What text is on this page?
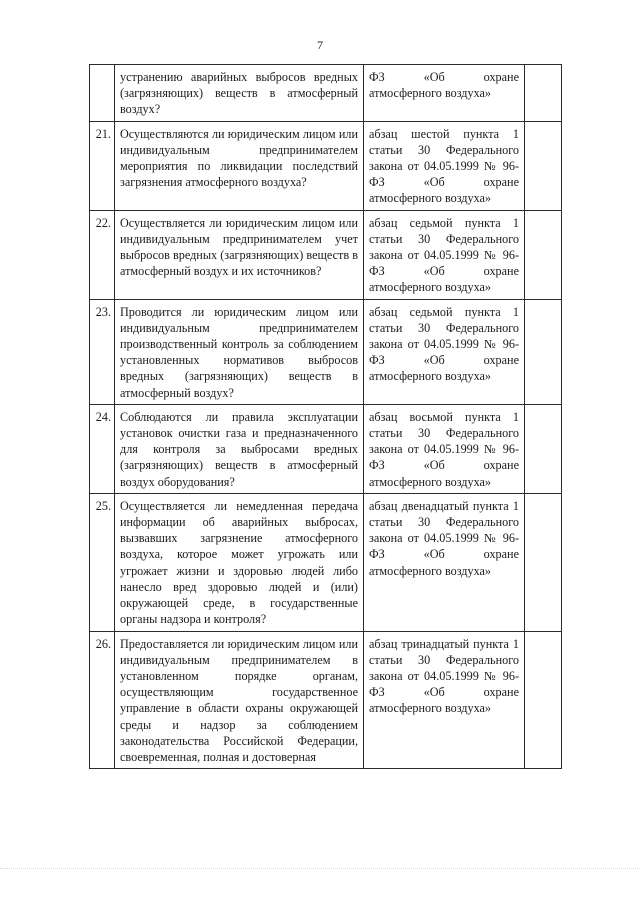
7
	устранению аварийных выбросов вредных (загрязняющих) веществ в атмосферный воздух?	ФЗ «Об охране атмосферного воздуха»	
21.	Осуществляются ли юридическим лицом или индивидуальным предпринимателем мероприятия по ликвидации последствий загрязнения атмосферного воздуха?	абзац шестой пункта 1 статьи 30 Федерального закона от 04.05.1999 № 96-ФЗ «Об охране атмосферного воздуха»	
22.	Осуществляется ли юридическим лицом или индивидуальным предпринимателем учет выбросов вредных (загрязняющих) веществ в атмосферный воздух и их источников?	абзац седьмой пункта 1 статьи 30 Федерального закона от 04.05.1999 № 96-ФЗ «Об охране атмосферного воздуха»	
23.	Проводится ли юридическим лицом или индивидуальным предпринимателем производственный контроль за соблюдением установленных нормативов выбросов вредных (загрязняющих) веществ в атмосферный воздух?	абзац седьмой пункта 1 статьи 30 Федерального закона от 04.05.1999 № 96-ФЗ «Об охране атмосферного воздуха»	
24.	Соблюдаются ли правила эксплуатации установок очистки газа и предназначенного для контроля за выбросами вредных (загрязняющих) веществ в атмосферный воздух оборудования?	абзац восьмой пункта 1 статьи 30 Федерального закона от 04.05.1999 № 96-ФЗ «Об охране атмосферного воздуха»	
25.	Осуществляется ли немедленная передача информации об аварийных выбросах, вызвавших загрязнение атмосферного воздуха, которое может угрожать или угрожает жизни и здоровью людей либо нанесло вред здоровью людей и (или) окружающей среде, в государственные органы надзора и контроля?	абзац двенадцатый пункта 1 статьи 30 Федерального закона от 04.05.1999 № 96-ФЗ «Об охране атмосферного воздуха»	
26.	Предоставляется ли юридическим лицом или индивидуальным предпринимателем в установленном порядке органам, осуществляющим государственное управление в области охраны окружающей среды и надзор за соблюдением законодательства Российской Федерации, своевременная, полная и достоверная	абзац тринадцатый пункта 1 статьи 30 Федерального закона от 04.05.1999 № 96-ФЗ «Об охране атмосферного воздуха»	
